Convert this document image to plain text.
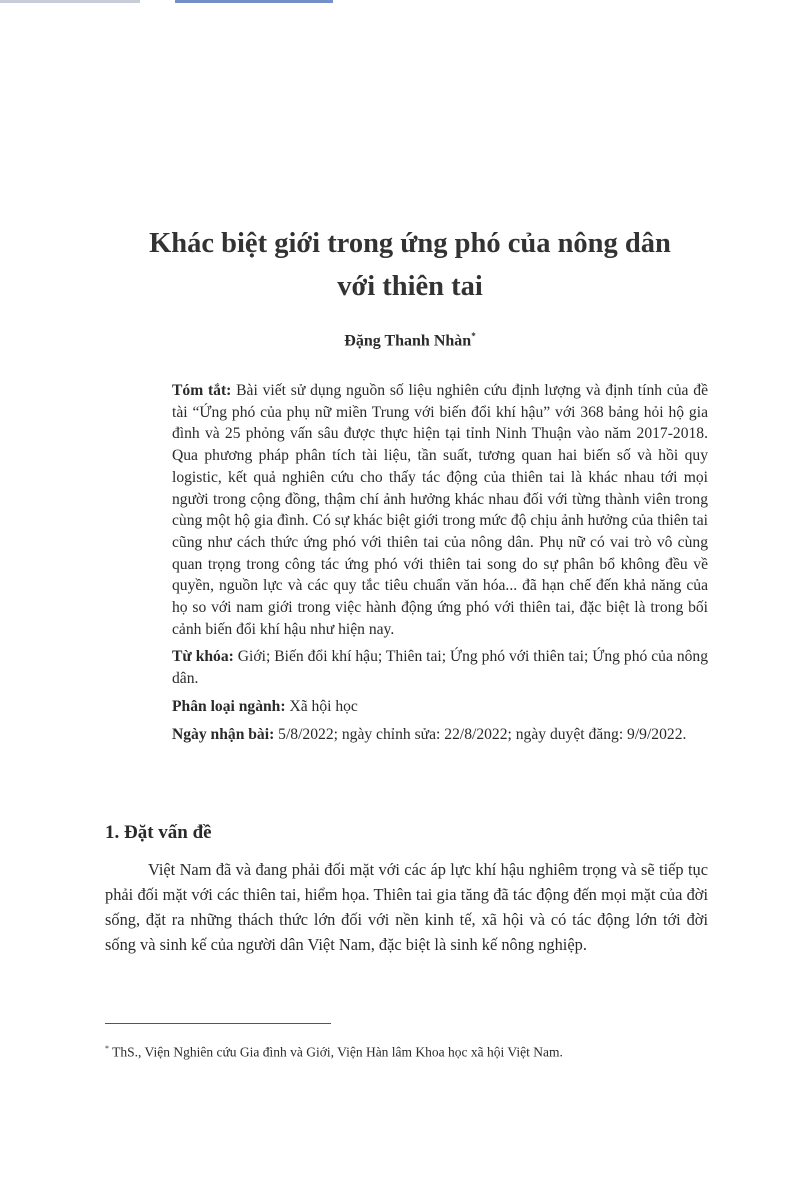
Khác biệt giới trong ứng phó của nông dân
với thiên tai
Đặng Thanh Nhàn*

Tóm tắt: Bài viết sử dụng nguồn số liệu nghiên cứu định lượng và định tính của đề tài “Ứng phó của phụ nữ miền Trung với biến đổi khí hậu” với 368 bảng hỏi hộ gia đình và 25 phỏng vấn sâu được thực hiện tại tỉnh Ninh Thuận vào năm 2017-2018. Qua phương pháp phân tích tài liệu, tần suất, tương quan hai biến số và hồi quy logistic, kết quả nghiên cứu cho thấy tác động của thiên tai là khác nhau tới mọi người trong cộng đồng, thậm chí ảnh hưởng khác nhau đối với từng thành viên trong cùng một hộ gia đình. Có sự khác biệt giới trong mức độ chịu ảnh hưởng của thiên tai cũng như cách thức ứng phó với thiên tai của nông dân. Phụ nữ có vai trò vô cùng quan trọng trong công tác ứng phó với thiên tai song do sự phân bổ không đều về quyền, nguồn lực và các quy tắc tiêu chuẩn văn hóa... đã hạn chế đến khả năng của họ so với nam giới trong việc hành động ứng phó với thiên tai, đặc biệt là trong bối cảnh biến đổi khí hậu như hiện nay.

Từ khóa: Giới; Biến đổi khí hậu; Thiên tai; Ứng phó với thiên tai; Ứng phó của nông dân.

Phân loại ngành: Xã hội học

Ngày nhận bài: 5/8/2022; ngày chỉnh sửa: 22/8/2022; ngày duyệt đăng: 9/9/2022.

1. Đặt vấn đề

Việt Nam đã và đang phải đối mặt với các áp lực khí hậu nghiêm trọng và sẽ tiếp tục phải đối mặt với các thiên tai, hiểm họa. Thiên tai gia tăng đã tác động đến mọi mặt của đời sống, đặt ra những thách thức lớn đối với nền kinh tế, xã hội và có tác động lớn tới đời sống và sinh kế của người dân Việt Nam, đặc biệt là sinh kế nông nghiệp.

* ThS., Viện Nghiên cứu Gia đình và Giới, Viện Hàn lâm Khoa học xã hội Việt Nam.
